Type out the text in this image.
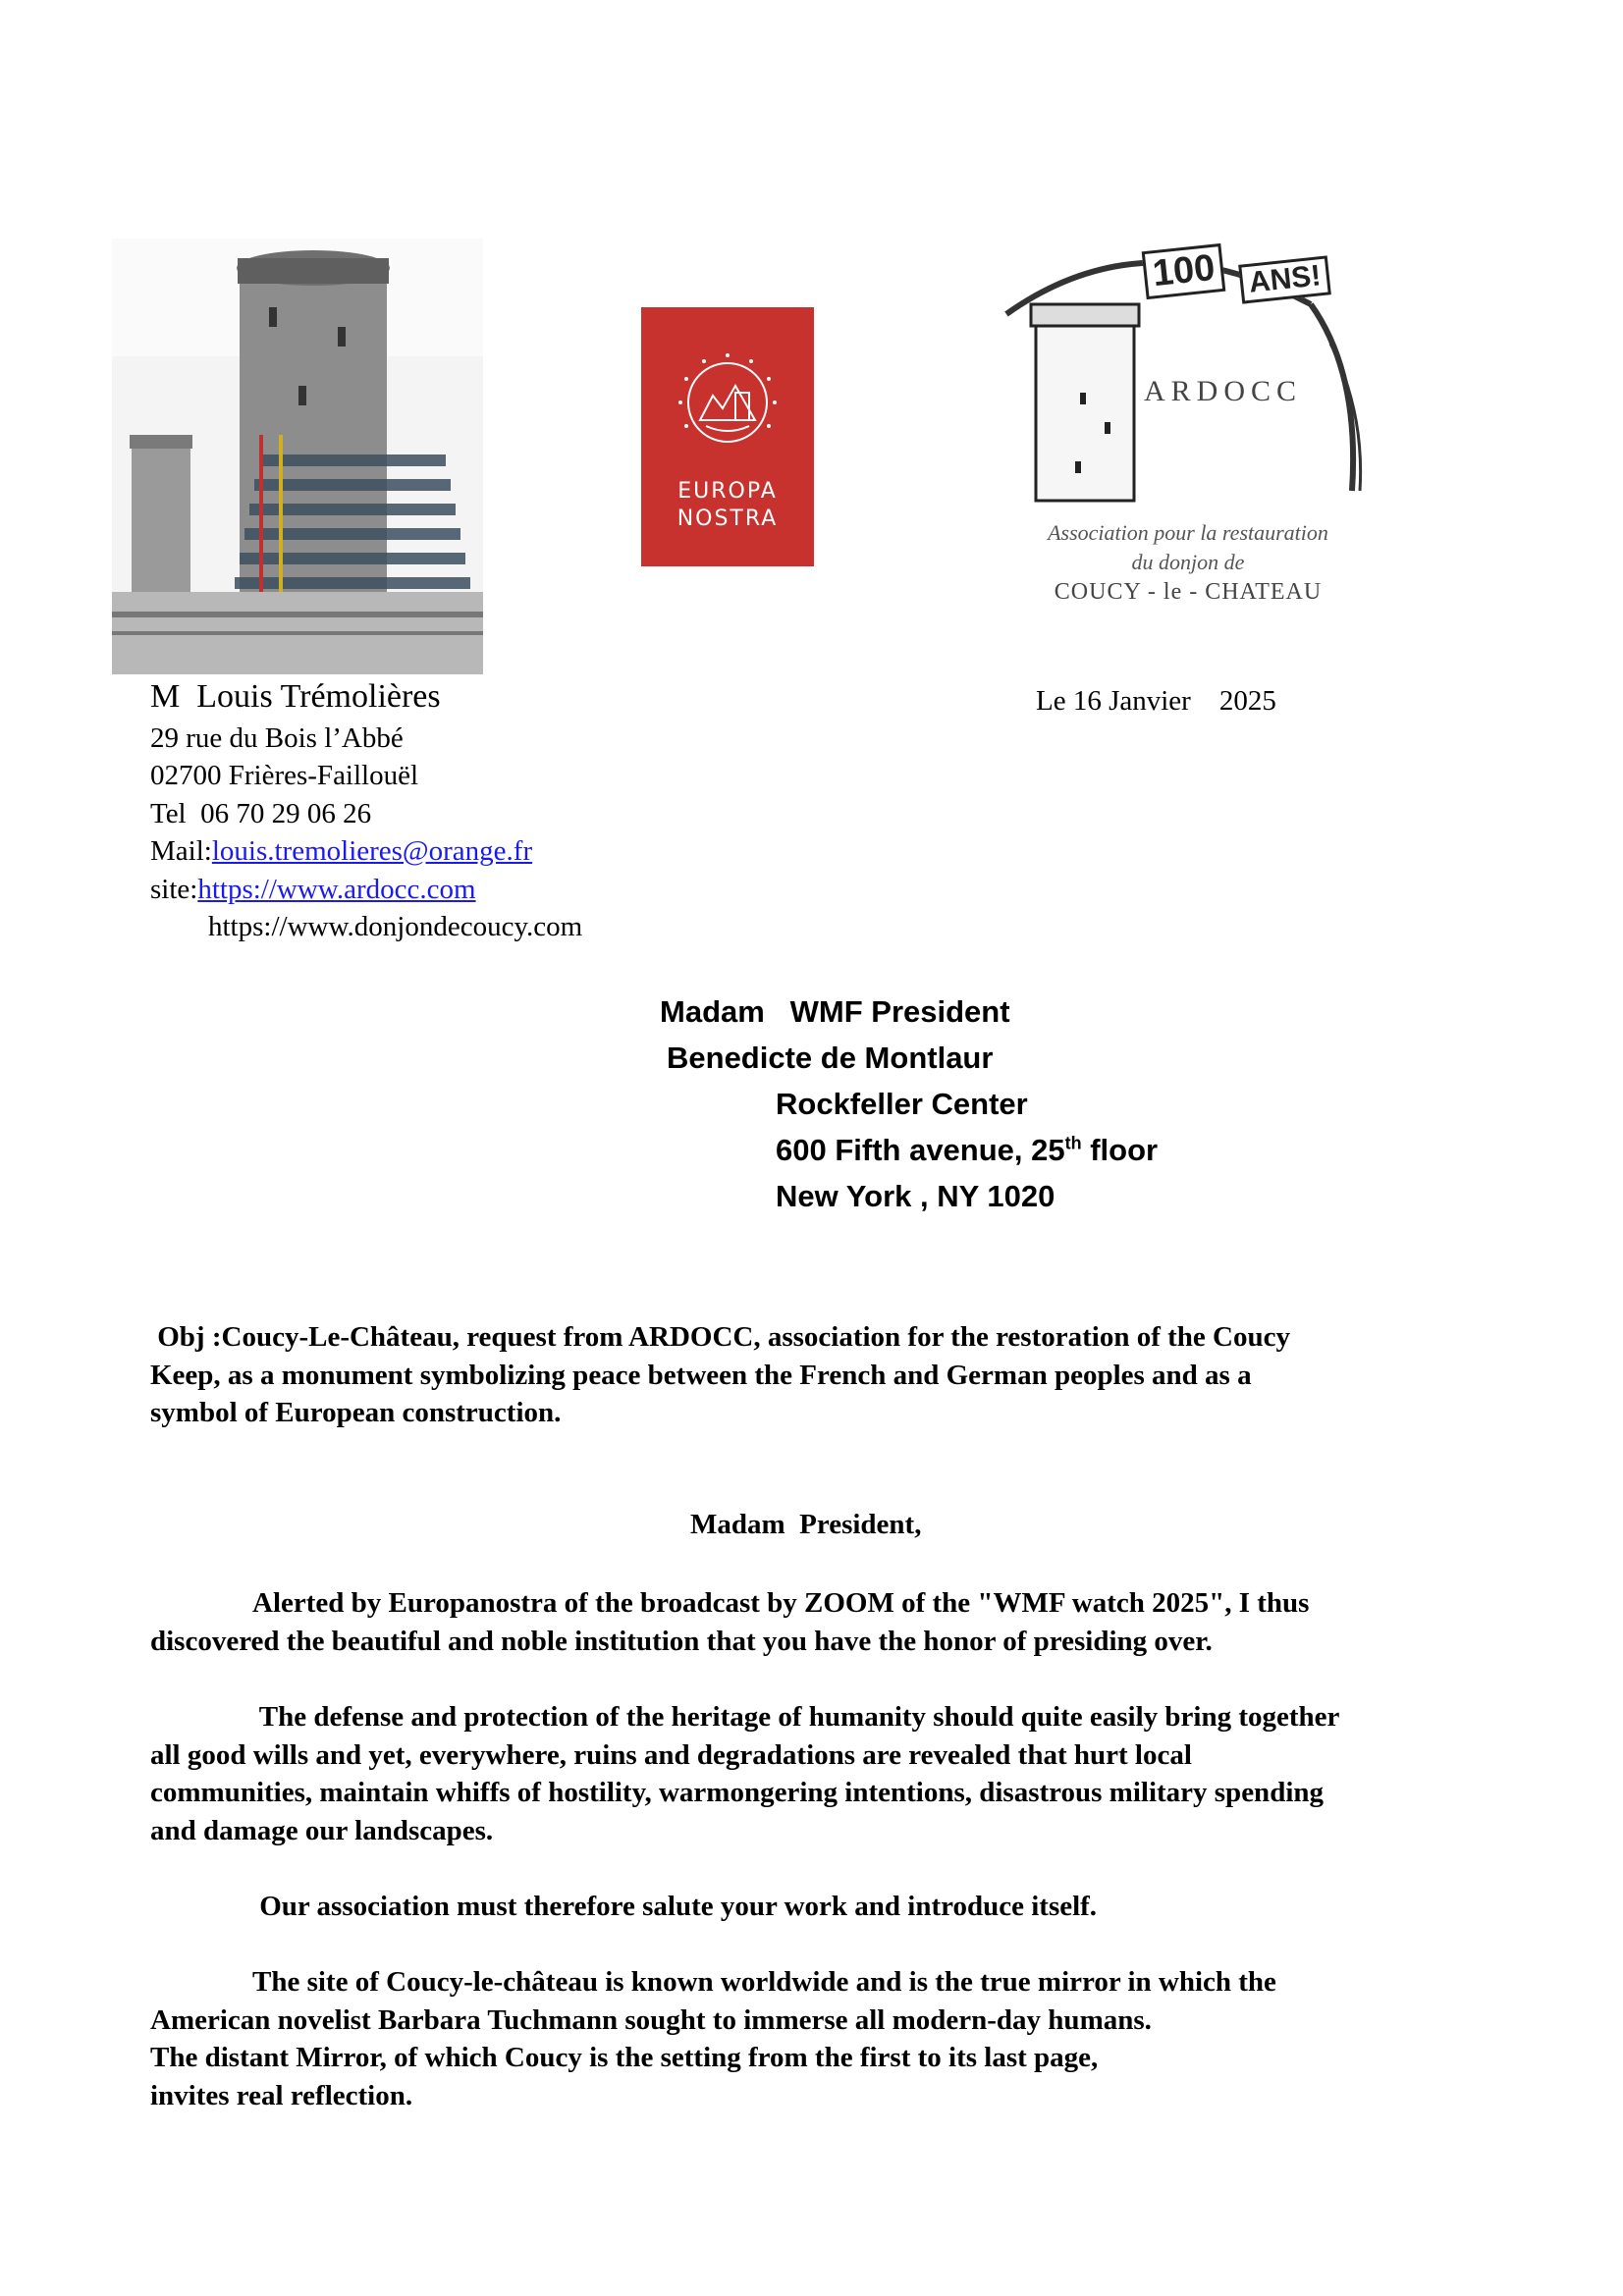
EUROPA
NOSTRA
100	ANS!
ARDOCC
Association pour la restauration
du donjon de
COUCY - le - CHATEAU
M  Louis Trémolières
29 rue du Bois l’Abbé
02700 Frières-Faillouël
Tel  06 70 29 06 26
Mail:louis.tremolieres@orange.fr
site:https://www.ardocc.com
https://www.donjondecoucy.com
Le 16 Janvier    2025
Madam   WMF President
Benedicte de Montlaur
Rockfeller Center
600 Fifth avenue, 25th floor
New York , NY 1020
Obj :Coucy-Le-Château, request from ARDOCC, association for the restoration of the Coucy
Keep, as a monument symbolizing peace between the French and German peoples and as a
symbol of European construction.
Madam  President,
Alerted by Europanostra of the broadcast by ZOOM of the "WMF watch 2025", I thus
discovered the beautiful and noble institution that you have the honor of presiding over.
The defense and protection of the heritage of humanity should quite easily bring together
all good wills and yet, everywhere, ruins and degradations are revealed that hurt local
communities, maintain whiffs of hostility, warmongering intentions, disastrous military spending
and damage our landscapes.
Our association must therefore salute your work and introduce itself.
The site of Coucy-le-château is known worldwide and is the true mirror in which the
American novelist Barbara Tuchmann sought to immerse all modern-day humans.
The distant Mirror, of which Coucy is the setting from the first to its last page,
invites real reflection.
